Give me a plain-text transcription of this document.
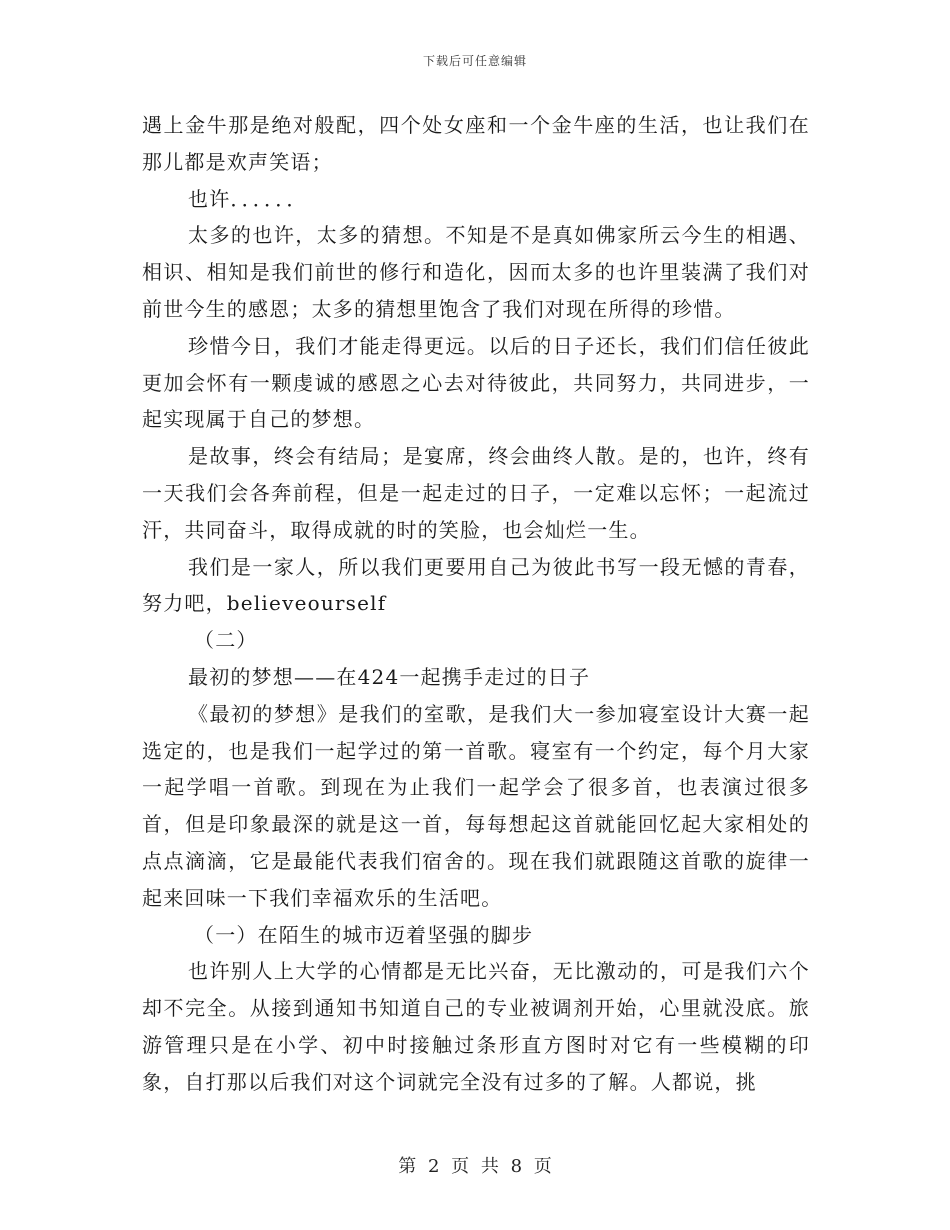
下载后可任意编辑

遇上金牛那是绝对般配，四个处女座和一个金牛座的生活，也让我们在那儿都是欢声笑语；

也许．．．．．．

太多的也许，太多的猜想。不知是不是真如佛家所云今生的相遇、相识、相知是我们前世的修行和造化，因而太多的也许里装满了我们对前世今生的感恩；太多的猜想里饱含了我们对现在所得的珍惜。

珍惜今日，我们才能走得更远。以后的日子还长，我们们信任彼此更加会怀有一颗虔诚的感恩之心去对待彼此，共同努力，共同进步，一起实现属于自己的梦想。

是故事，终会有结局；是宴席，终会曲终人散。是的，也许，终有一天我们会各奔前程，但是一起走过的日子，一定难以忘怀；一起流过汗，共同奋斗，取得成就的时的笑脸，也会灿烂一生。

我们是一家人，所以我们更要用自己为彼此书写一段无憾的青春，努力吧，believeourself

（二）

最初的梦想——在424一起携手走过的日子

《最初的梦想》是我们的室歌，是我们大一参加寝室设计大赛一起选定的，也是我们一起学过的第一首歌。寝室有一个约定，每个月大家一起学唱一首歌。到现在为止我们一起学会了很多首，也表演过很多首，但是印象最深的就是这一首，每每想起这首就能回忆起大家相处的点点滴滴，它是最能代表我们宿舍的。现在我们就跟随这首歌的旋律一起来回味一下我们幸福欢乐的生活吧。

（一）在陌生的城市迈着坚强的脚步

也许别人上大学的心情都是无比兴奋，无比激动的，可是我们六个却不完全。从接到通知书知道自己的专业被调剂开始，心里就没底。旅游管理只是在小学、初中时接触过条形直方图时对它有一些模糊的印象，自打那以后我们对这个词就完全没有过多的了解。人都说，挑

第 2 页 共 8 页
